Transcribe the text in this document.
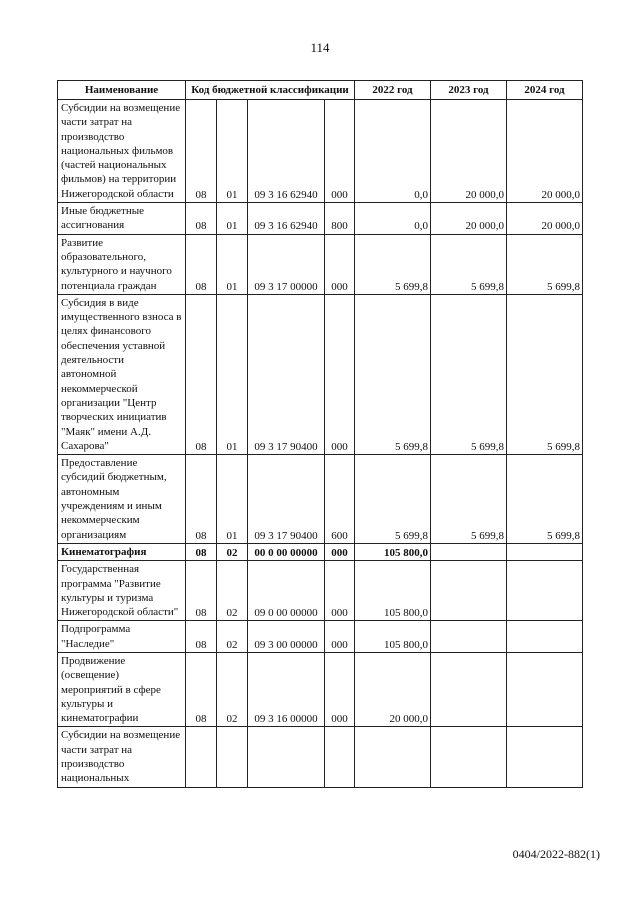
114
Наименование	Код бюджетной классификации				2022 год	2023 год	2024 год
Субсидии на возмещение части затрат на производство национальных фильмов (частей национальных фильмов) на территории Нижегородской области	08	01	09 3 16 62940	000	0,0	20 000,0	20 000,0
Иные бюджетные ассигнования	08	01	09 3 16 62940	800	0,0	20 000,0	20 000,0
Развитие образовательного, культурного и научного потенциала граждан	08	01	09 3 17 00000	000	5 699,8	5 699,8	5 699,8
Субсидия в виде имущественного взноса в целях финансового обеспечения уставной деятельности автономной некоммерческой организации "Центр творческих инициатив "Маяк" имени А.Д. Сахарова"	08	01	09 3 17 90400	000	5 699,8	5 699,8	5 699,8
Предоставление субсидий бюджетным, автономным учреждениям и иным некоммерческим организациям	08	01	09 3 17 90400	600	5 699,8	5 699,8	5 699,8
Кинематография	08	02	00 0 00 00000	000	105 800,0		
Государственная программа "Развитие культуры и туризма Нижегородской области"	08	02	09 0 00 00000	000	105 800,0		
Подпрограмма "Наследие"	08	02	09 3 00 00000	000	105 800,0		
Продвижение (освещение) мероприятий в сфере культуры и кинематографии	08	02	09 3 16 00000	000	20 000,0		
Субсидии на возмещение части затрат на производство национальных							
0404/2022-882(1)
